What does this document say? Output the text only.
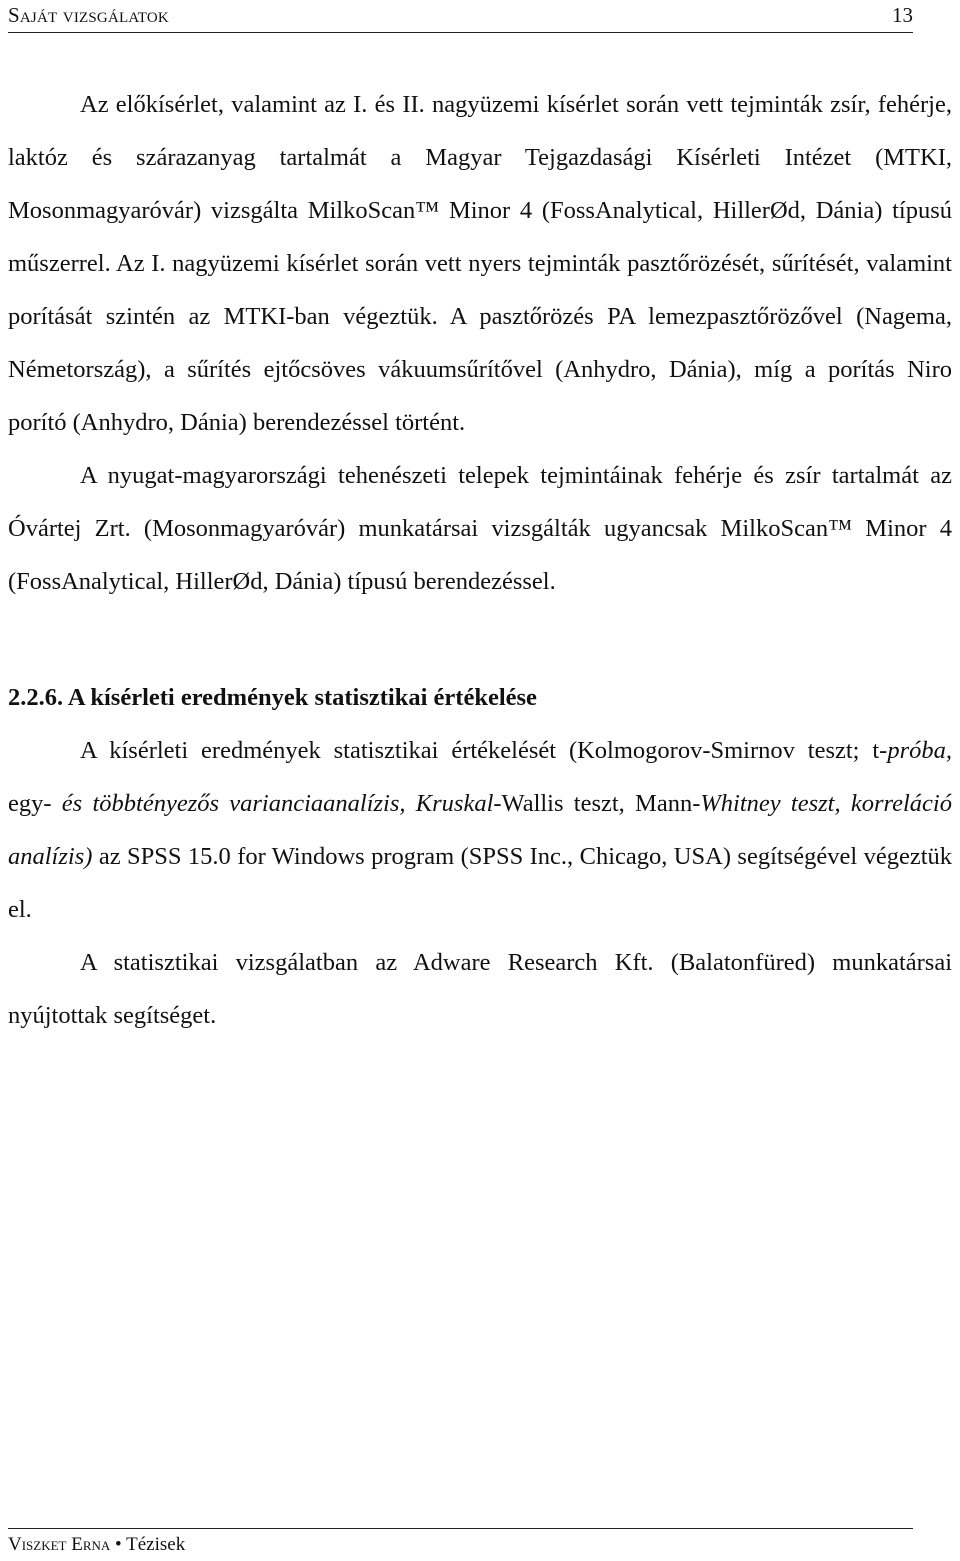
Saját vizsgálatok	13

Az előkísérlet, valamint az I. és II. nagyüzemi kísérlet során vett tejminták zsír, fehérje, laktóz és szárazanyag tartalmát a Magyar Tejgazdasági Kísérleti Intézet (MTKI, Mosonmagyaróvár) vizsgálta MilkoScan™ Minor 4 (FossAnalytical, HillerØd, Dánia) típusú műszerrel. Az I. nagyüzemi kísérlet során vett nyers tejminták pasztőrözését, sűrítését, valamint porítását szintén az MTKI-ban végeztük. A pasztőrözés PA lemezpasztőrözővel (Nagema, Németország), a sűrítés ejtőcsöves vákuumsűrítővel (Anhydro, Dánia), míg a porítás Niro porító (Anhydro, Dánia) berendezéssel történt.

A nyugat-magyarországi tehenészeti telepek tejmintáinak fehérje és zsír tartalmát az Óvártej Zrt. (Mosonmagyaróvár) munkatársai vizsgálták ugyancsak MilkoScan™ Minor 4 (FossAnalytical, HillerØd, Dánia) típusú berendezéssel.

2.2.6. A kísérleti eredmények statisztikai értékelése

A kísérleti eredmények statisztikai értékelését (Kolmogorov-Smirnov teszt; t-próba, egy- és többtényezős varianciaanalízis, Kruskal-Wallis teszt, Mann-Whitney teszt, korreláció analízis) az SPSS 15.0 for Windows program (SPSS Inc., Chicago, USA) segítségével végeztük el.

A statisztikai vizsgálatban az Adware Research Kft. (Balatonfüred) munkatársai nyújtottak segítséget.

Viszket Erna • Tézisek
